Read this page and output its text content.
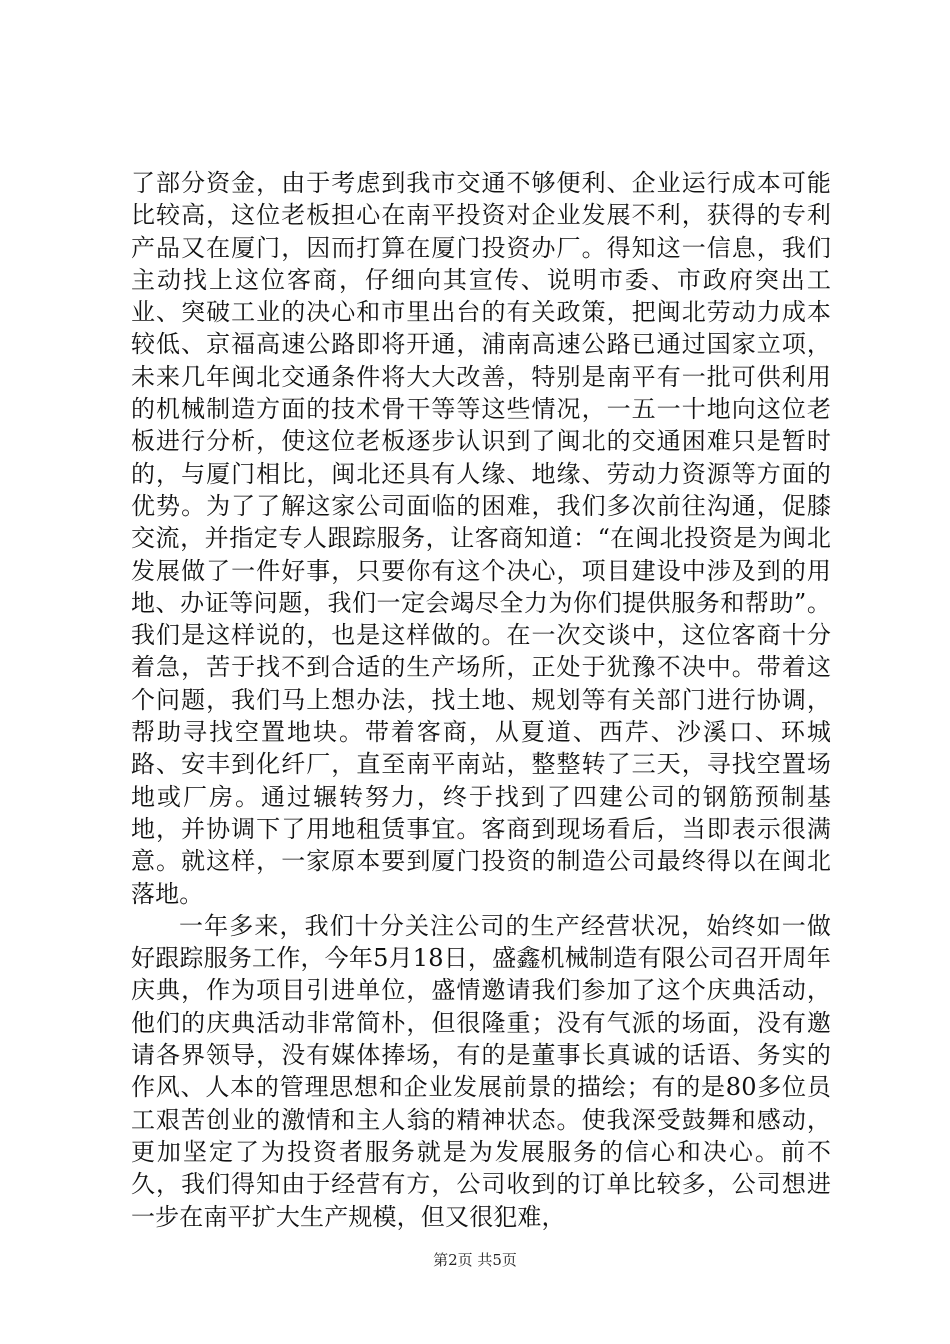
了部分资金，由于考虑到我市交通不够便利、企业运行成本可能比较高，这位老板担心在南平投资对企业发展不利，获得的专利产品又在厦门，因而打算在厦门投资办厂。得知这一信息，我们主动找上这位客商，仔细向其宣传、说明市委、市政府突出工业、突破工业的决心和市里出台的有关政策，把闽北劳动力成本较低、京福高速公路即将开通，浦南高速公路已通过国家立项，未来几年闽北交通条件将大大改善，特别是南平有一批可供利用的机械制造方面的技术骨干等等这些情况，一五一十地向这位老板进行分析，使这位老板逐步认识到了闽北的交通困难只是暂时的，与厦门相比，闽北还具有人缘、地缘、劳动力资源等方面的优势。为了了解这家公司面临的困难，我们多次前往沟通，促膝交流，并指定专人跟踪服务，让客商知道：“在闽北投资是为闽北发展做了一件好事，只要你有这个决心，项目建设中涉及到的用地、办证等问题，我们一定会竭尽全力为你们提供服务和帮助”。我们是这样说的，也是这样做的。在一次交谈中，这位客商十分着急，苦于找不到合适的生产场所，正处于犹豫不决中。带着这个问题，我们马上想办法，找土地、规划等有关部门进行协调，帮助寻找空置地块。带着客商，从夏道、西芹、沙溪口、环城路、安丰到化纤厂，直至南平南站，整整转了三天，寻找空置场地或厂房。通过辗转努力，终于找到了四建公司的钢筋预制基地，并协调下了用地租赁事宜。客商到现场看后，当即表示很满意。就这样，一家原本要到厦门投资的制造公司最终得以在闽北落地。

一年多来，我们十分关注公司的生产经营状况，始终如一做好跟踪服务工作，今年5月18日，盛鑫机械制造有限公司召开周年庆典，作为项目引进单位，盛情邀请我们参加了这个庆典活动，他们的庆典活动非常简朴，但很隆重；没有气派的场面，没有邀请各界领导，没有媒体捧场，有的是董事长真诚的话语、务实的作风、人本的管理思想和企业发展前景的描绘；有的是80多位员工艰苦创业的激情和主人翁的精神状态。使我深受鼓舞和感动，更加坚定了为投资者服务就是为发展服务的信心和决心。前不久，我们得知由于经营有方，公司收到的订单比较多，公司想进一步在南平扩大生产规模，但又很犯难，

第2页 共5页
